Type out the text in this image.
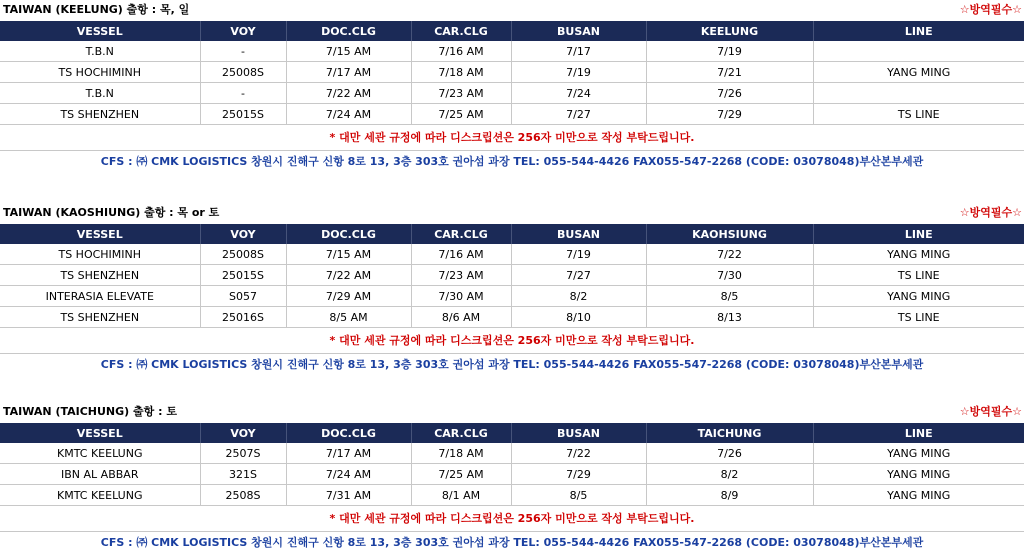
TAIWAN (KEELUNG) 출항 : 목, 일	☆방역필수☆
VESSEL	VOY	DOC.CLG	CAR.CLG	BUSAN	KEELUNG	LINE
T.B.N	-	7/15 AM	7/16 AM	7/17	7/19	
TS HOCHIMINH	25008S	7/17 AM	7/18 AM	7/19	7/21	YANG MING
T.B.N	-	7/22 AM	7/23 AM	7/24	7/26	
TS SHENZHEN	25015S	7/24 AM	7/25 AM	7/27	7/29	TS LINE
* 대만 세관 규정에 따라 디스크립션은 256자 미만으로 작성 부탁드립니다.
CFS : ㈜ CMK LOGISTICS 창원시 진해구 신항 8로 13, 3층 303호 권아섬 과장 TEL: 055-544-4426 FAX055-547-2268 (CODE: 03078048)부산본부세관
TAIWAN (KAOSHIUNG) 출항 : 목 or 토	☆방역필수☆
VESSEL	VOY	DOC.CLG	CAR.CLG	BUSAN	KAOHSIUNG	LINE
TS HOCHIMINH	25008S	7/15 AM	7/16 AM	7/19	7/22	YANG MING
TS SHENZHEN	25015S	7/22 AM	7/23 AM	7/27	7/30	TS LINE
INTERASIA ELEVATE	S057	7/29 AM	7/30 AM	8/2	8/5	YANG MING
TS SHENZHEN	25016S	8/5 AM	8/6 AM	8/10	8/13	TS LINE
* 대만 세관 규정에 따라 디스크립션은 256자 미만으로 작성 부탁드립니다.
CFS : ㈜ CMK LOGISTICS 창원시 진해구 신항 8로 13, 3층 303호 권아섬 과장 TEL: 055-544-4426 FAX055-547-2268 (CODE: 03078048)부산본부세관
TAIWAN (TAICHUNG) 출항 : 토	☆방역필수☆
VESSEL	VOY	DOC.CLG	CAR.CLG	BUSAN	TAICHUNG	LINE
KMTC KEELUNG	2507S	7/17 AM	7/18 AM	7/22	7/26	YANG MING
IBN AL ABBAR	321S	7/24 AM	7/25 AM	7/29	8/2	YANG MING
KMTC KEELUNG	2508S	7/31 AM	8/1 AM	8/5	8/9	YANG MING
* 대만 세관 규정에 따라 디스크립션은 256자 미만으로 작성 부탁드립니다.
CFS : ㈜ CMK LOGISTICS 창원시 진해구 신항 8로 13, 3층 303호 권아섬 과장 TEL: 055-544-4426 FAX055-547-2268 (CODE: 03078048)부산본부세관
